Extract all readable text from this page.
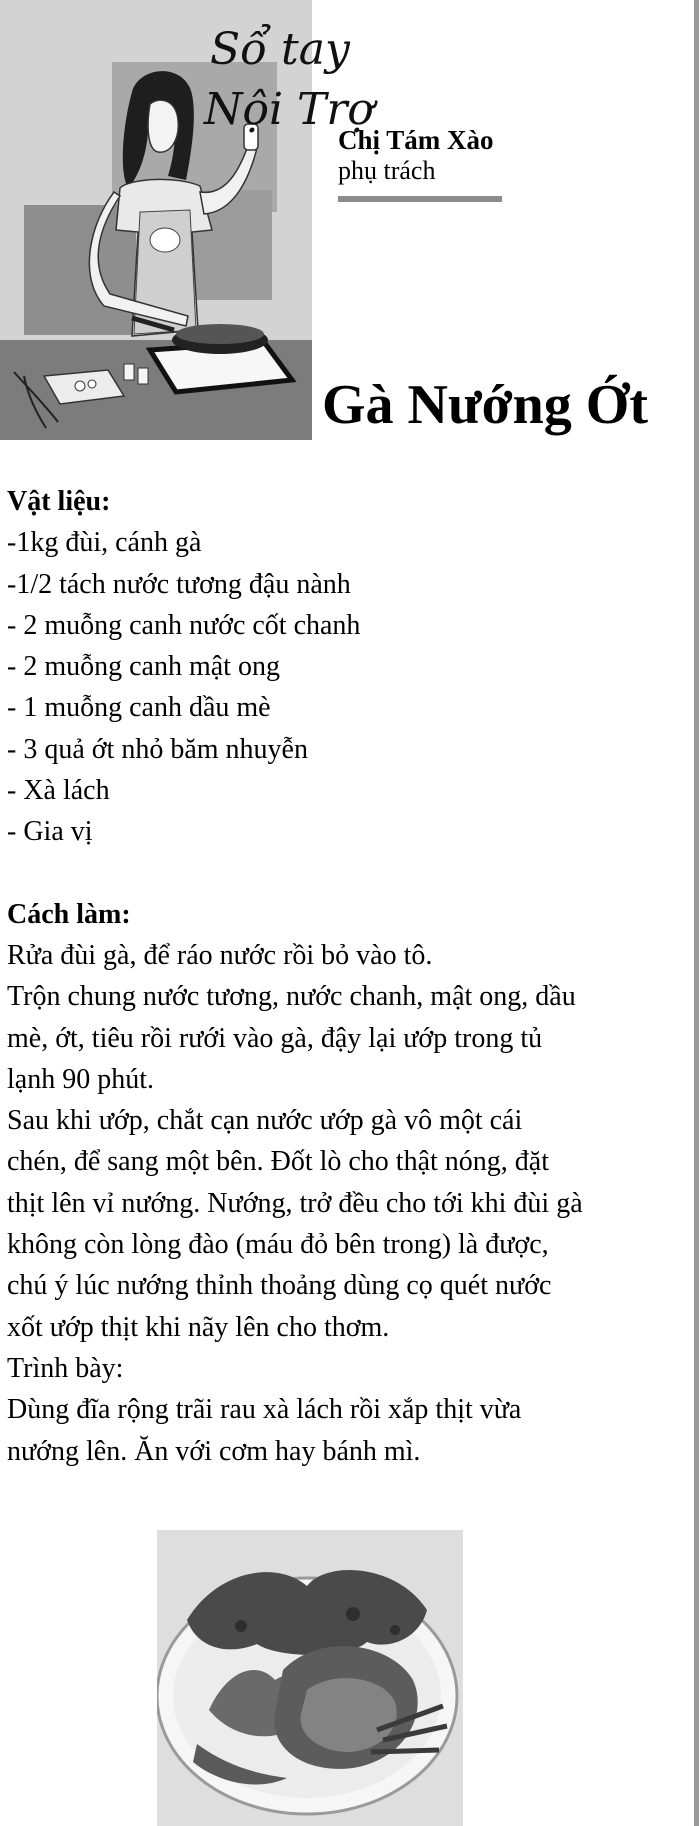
Sổ tay
Nội Trợ
Chị Tám Xào
phụ trách
Gà Nướng Ớt
Vật liệu:
-1kg đùi, cánh gà
-1/2 tách nước tương đậu nành
- 2 muỗng canh nước cốt chanh
- 2 muỗng canh mật ong
- 1 muỗng canh dầu mè
- 3 quả ớt nhỏ băm nhuyễn
- Xà lách
- Gia vị
Cách làm:
Rửa đùi gà, để ráo nước rồi bỏ vào tô.
Trộn chung nước tương, nước chanh, mật ong, dầu
mè, ớt, tiêu rồi rưới vào gà, đậy lại ướp trong tủ
lạnh 90 phút.
Sau khi ướp, chắt cạn nước ướp gà vô một cái
chén, để sang một bên. Đốt lò cho thật nóng, đặt
thịt lên vỉ nướng. Nướng, trở đều cho tới khi đùi gà
không còn lòng đào (máu đỏ bên trong) là được,
chú ý lúc nướng thỉnh thoảng dùng cọ quét nước
xốt ướp thịt khi nãy lên cho thơm.
Trình bày:
Dùng đĩa rộng trãi rau xà lách rồi xắp thịt vừa
nướng lên. Ăn với cơm hay bánh mì.
